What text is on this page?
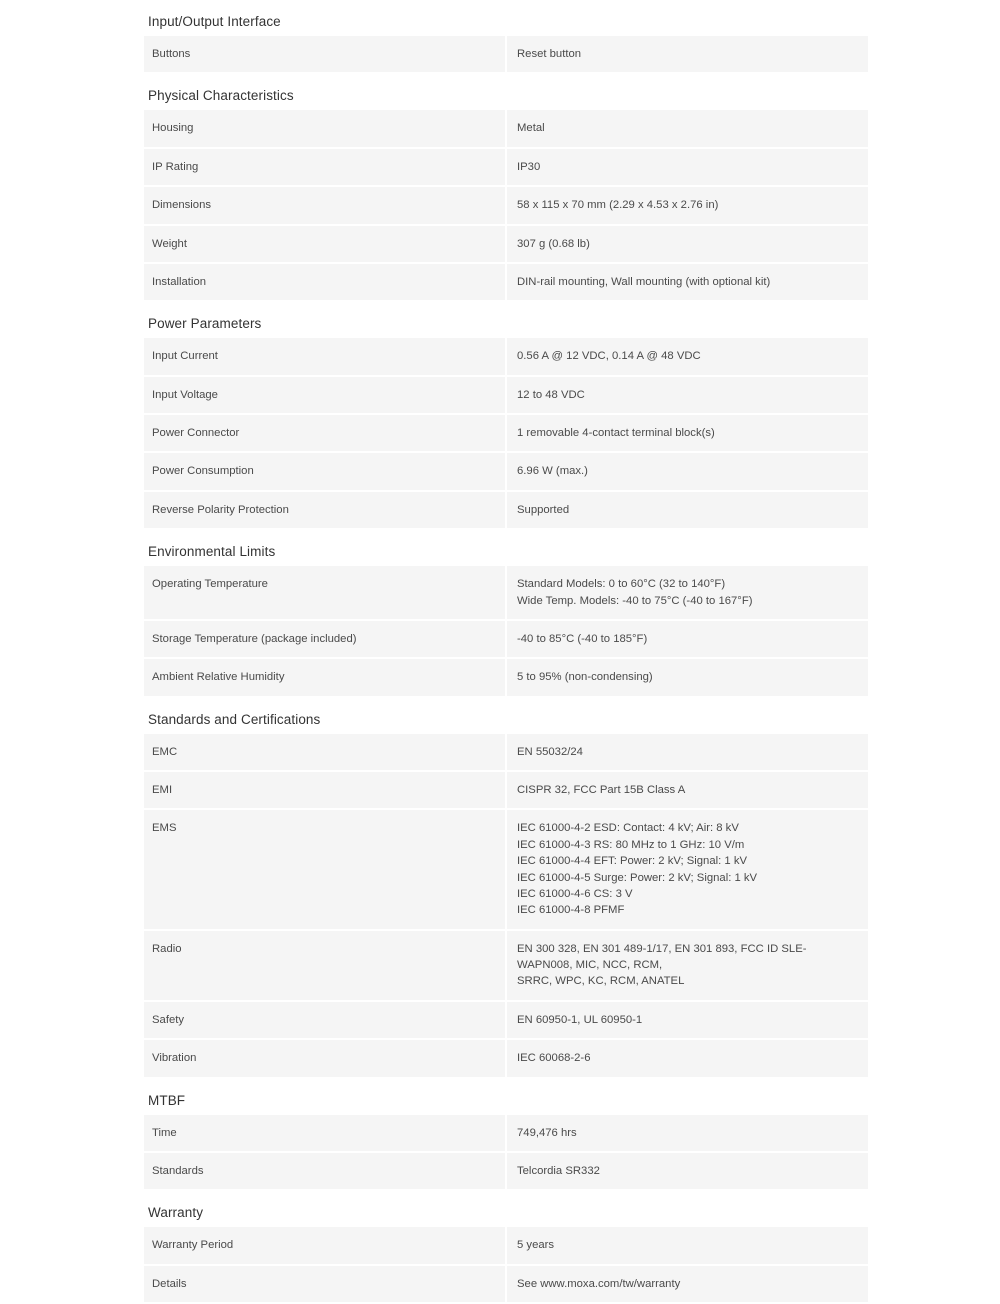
Input/Output Interface	
Buttons	Reset button

Physical Characteristics	
Housing	Metal

IP Rating	IP30

Dimensions	58 x 115 x 70 mm (2.29 x 4.53 x 2.76 in)

Weight	307 g (0.68 lb)

Installation	DIN-rail mounting, Wall mounting (with optional kit)

Power Parameters	
Input Current	0.56 A @ 12 VDC, 0.14 A @ 48 VDC

Input Voltage	12 to 48 VDC

Power Connector	1 removable 4-contact terminal block(s)

Power Consumption	6.96 W (max.)

Reverse Polarity Protection	Supported

Environmental Limits	
Operating Temperature	Standard Models: 0 to 60°C (32 to 140°F)
Wide Temp. Models: -40 to 75°C (-40 to 167°F)

Storage Temperature (package included)	-40 to 85°C (-40 to 185°F)

Ambient Relative Humidity	5 to 95% (non-condensing)

Standards and Certifications	
EMC	EN 55032/24

EMI	CISPR 32, FCC Part 15B Class A

EMS	IEC 61000-4-2 ESD: Contact: 4 kV; Air: 8 kV
IEC 61000-4-3 RS: 80 MHz to 1 GHz: 10 V/m
IEC 61000-4-4 EFT: Power: 2 kV; Signal: 1 kV
IEC 61000-4-5 Surge: Power: 2 kV; Signal: 1 kV
IEC 61000-4-6 CS: 3 V
IEC 61000-4-8 PFMF

Radio	EN 300 328, EN 301 489-1/17, EN 301 893, FCC ID SLE-WAPN008, MIC, NCC, RCM,
SRRC, WPC, KC, RCM, ANATEL

Safety	EN 60950-1, UL 60950-1

Vibration	IEC 60068-2-6

MTBF	
Time	749,476 hrs

Standards	Telcordia SR332

Warranty	
Warranty Period	5 years

Details	See www.moxa.com/tw/warranty
